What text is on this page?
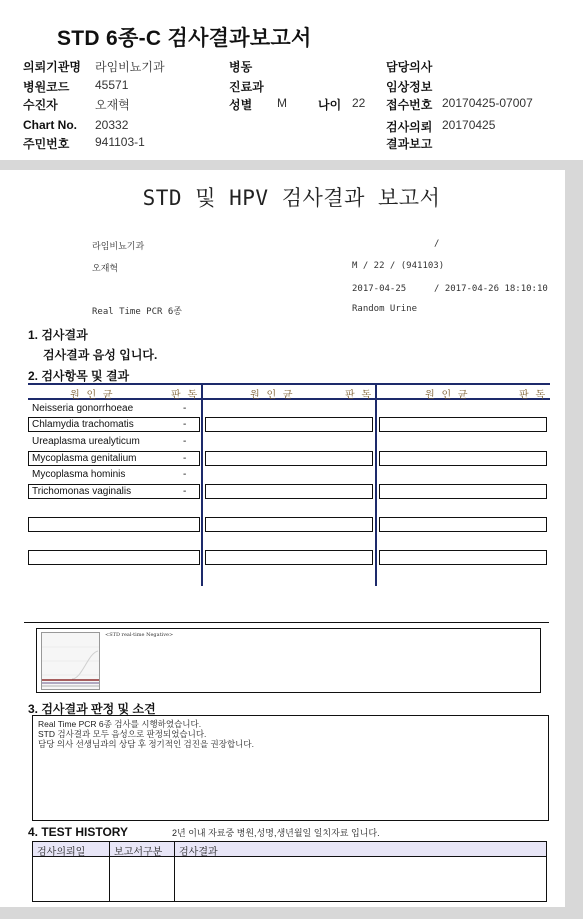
STD 6종-C 검사결과보고서
의뢰기관명 라임비뇨기과	병동	담당의사
병원코드 45571	진료과	임상정보
수진자	오재혁	성별 M	나이 22 접수번호 20170425-07007
Chart No. 20332	검사의뢰 20170425
주민번호 941103-1	결과보고
STD 및 HPV 검사결과 보고서
라임비뇨기과	/
오재혁	M / 22 / (941103)
2017-04-25	/ 2017-04-26 18:10:10
Real Time PCR 6종	Random Urine
1. 검사결과
검사결과 음성 입니다.
2. 검사항목 및 결과
원 인 균	판 독	원 인 균	판 독	원 인 균	판 독
Neisseria gonorrhoeae	-
Chlamydia trachomatis	-
Ureaplasma urealyticum	-
Mycoplasma genitalium	-
Mycoplasma hominis	-
Trichomonas vaginalis	-
<STD real-time Negative>
3. 검사결과 판정 및 소견
Real Time PCR 6종 검사를 시행하였습니다.
STD 검사결과 모두 음성으로 판정되었습니다.
담당 의사 선생님과의 상담 후 정기적인 검진을 권장합니다.
4. TEST HISTORY	2년 이내 자료중 병원,성명,생년월일 일치자료 입니다.
검사의뢰일	보고서구분 검사결과
